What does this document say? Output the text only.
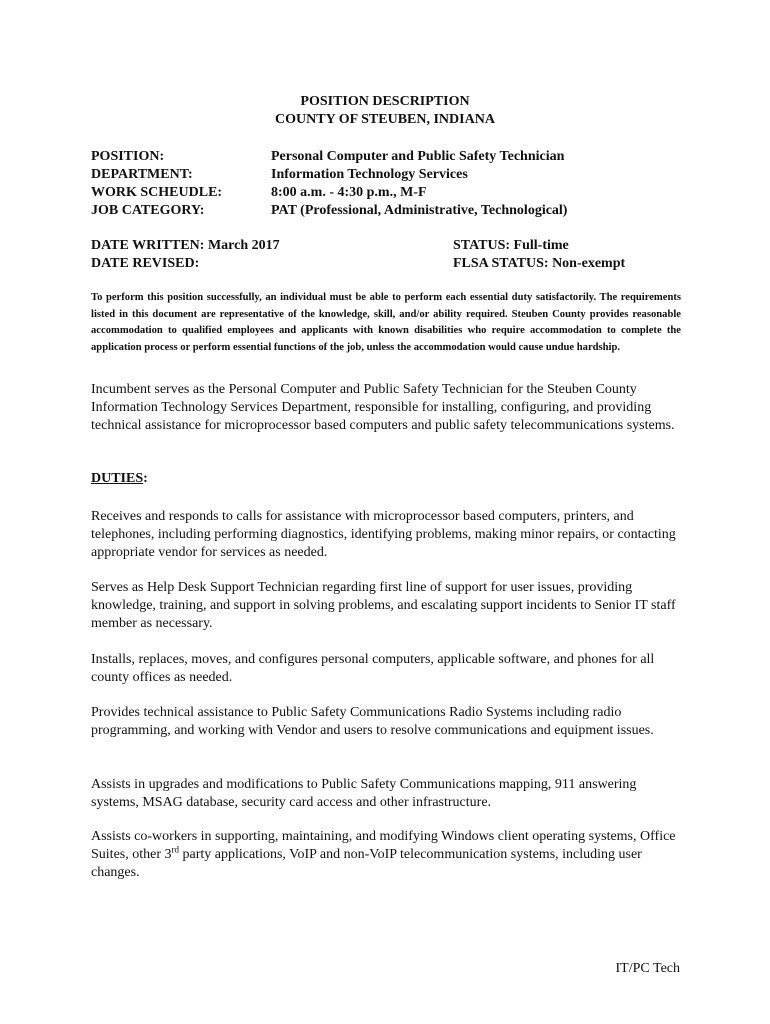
POSITION DESCRIPTION
COUNTY OF STEUBEN, INDIANA
POSITION:	Personal Computer and Public Safety Technician
DEPARTMENT:	Information Technology Services
WORK SCHEUDLE:	8:00 a.m. - 4:30 p.m., M-F
JOB CATEGORY:	PAT (Professional, Administrative, Technological)
DATE WRITTEN: March 2017	STATUS: Full-time
DATE REVISED:	FLSA STATUS: Non-exempt
To perform this position successfully, an individual must be able to perform each essential duty satisfactorily. The requirements listed in this document are representative of the knowledge, skill, and/or ability required. Steuben County provides reasonable accommodation to qualified employees and applicants with known disabilities who require accommodation to complete the application process or perform essential functions of the job, unless the accommodation would cause undue hardship.
Incumbent serves as the Personal Computer and Public Safety Technician for the Steuben County Information Technology Services Department, responsible for installing, configuring, and providing technical assistance for microprocessor based computers and public safety telecommunications systems.
DUTIES:
Receives and responds to calls for assistance with microprocessor based computers, printers, and telephones, including performing diagnostics, identifying problems, making minor repairs, or contacting appropriate vendor for services as needed.
Serves as Help Desk Support Technician regarding first line of support for user issues, providing knowledge, training, and support in solving problems, and escalating support incidents to Senior IT staff member as necessary.
Installs, replaces, moves, and configures personal computers, applicable software, and phones for all county offices as needed.
Provides technical assistance to Public Safety Communications Radio Systems including radio programming, and working with Vendor and users to resolve communications and equipment issues.
Assists in upgrades and modifications to Public Safety Communications mapping, 911 answering systems, MSAG database, security card access and other infrastructure.
Assists co-workers in supporting, maintaining, and modifying Windows client operating systems, Office Suites, other 3rd party applications, VoIP and non-VoIP telecommunication systems, including user changes.
IT/PC Tech
